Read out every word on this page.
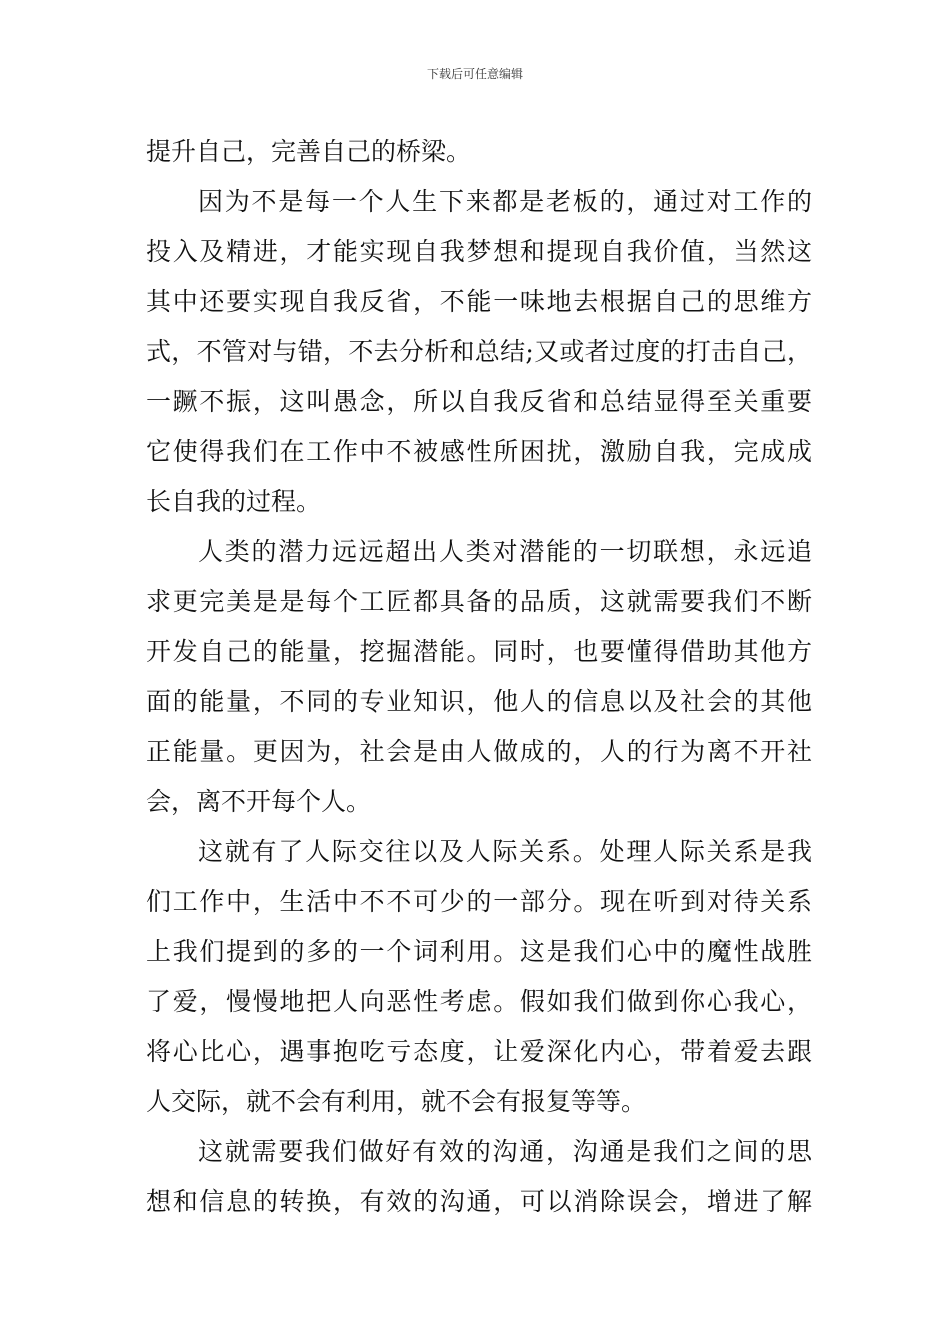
下载后可任意编辑
提升自己，完善自己的桥梁。
因为不是每一个人生下来都是老板的，通过对工作的
投入及精进，才能实现自我梦想和提现自我价值，当然这
其中还要实现自我反省，不能一味地去根据自己的思维方
式，不管对与错，不去分析和总结;又或者过度的打击自己，
一蹶不振，这叫愚念，所以自我反省和总结显得至关重要
它使得我们在工作中不被感性所困扰，激励自我，完成成
长自我的过程。
人类的潜力远远超出人类对潜能的一切联想，永远追
求更完美是是每个工匠都具备的品质，这就需要我们不断
开发自己的能量，挖掘潜能。同时，也要懂得借助其他方
面的能量，不同的专业知识，他人的信息以及社会的其他
正能量。更因为，社会是由人做成的，人的行为离不开社
会，离不开每个人。
这就有了人际交往以及人际关系。处理人际关系是我
们工作中，生活中不不可少的一部分。现在听到对待关系
上我们提到的多的一个词利用。这是我们心中的魔性战胜
了爱，慢慢地把人向恶性考虑。假如我们做到你心我心，
将心比心，遇事抱吃亏态度，让爱深化内心，带着爱去跟
人交际，就不会有利用，就不会有报复等等。
这就需要我们做好有效的沟通，沟通是我们之间的思
想和信息的转换，有效的沟通，可以消除误会，增进了解
